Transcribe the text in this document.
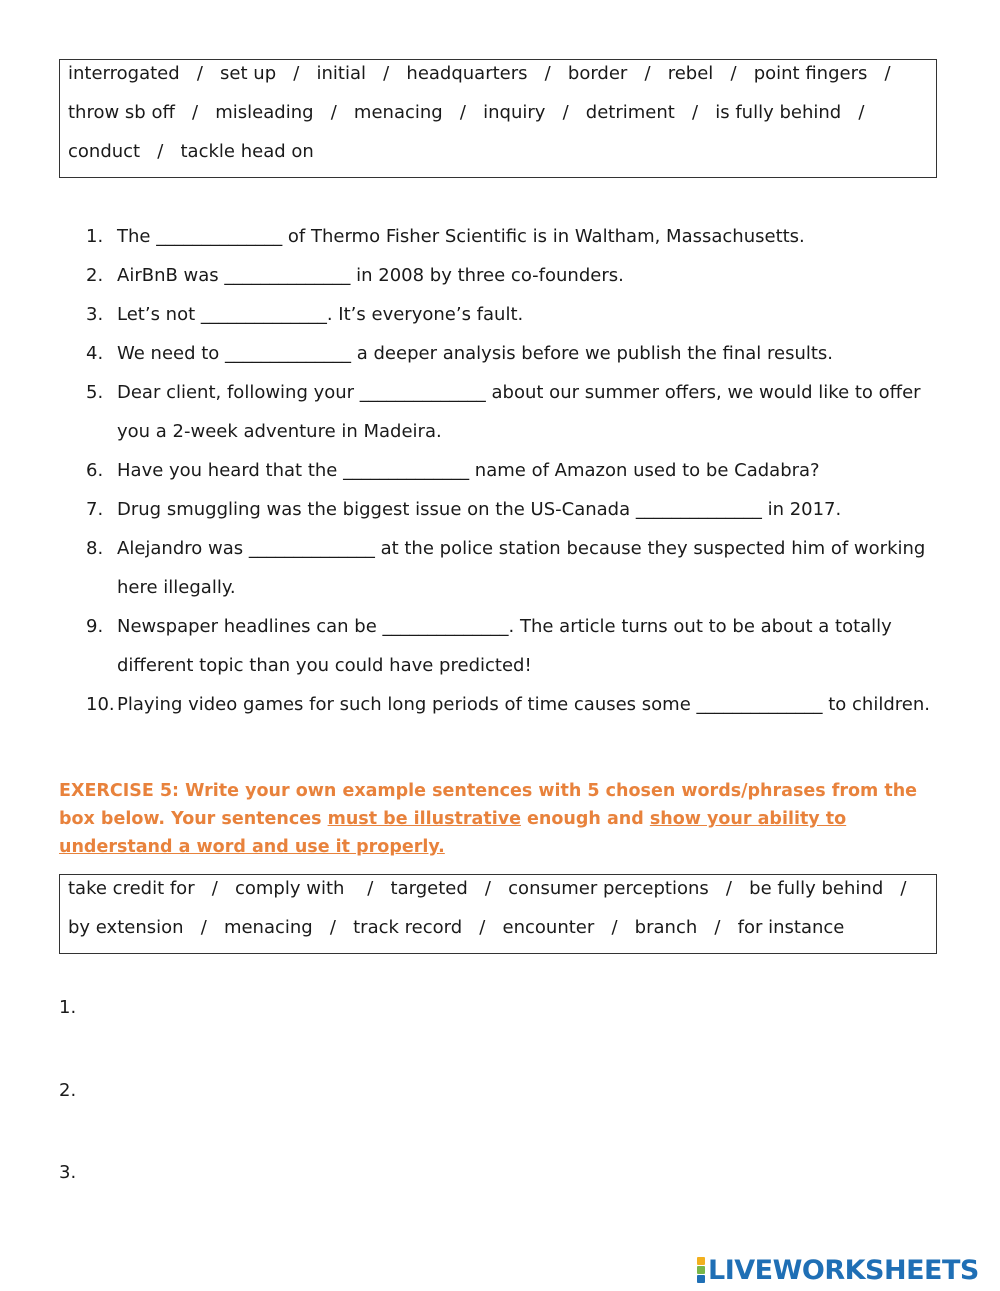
interrogated   /   set up   /   initial   /   headquarters   /   border   /   rebel   /   point fingers   /
throw sb off   /   misleading   /   menacing   /   inquiry   /   detriment   /   is fully behind   /
conduct   /   tackle head on
1. The ______________ of Thermo Fisher Scientific is in Waltham, Massachusetts.
2. AirBnB was ______________ in 2008 by three co-founders.
3. Let’s not ______________. It’s everyone’s fault.
4. We need to ______________ a deeper analysis before we publish the final results.
5. Dear client, following your ______________ about our summer offers, we would like to offer you a 2-week adventure in Madeira.
6. Have you heard that the ______________ name of Amazon used to be Cadabra?
7. Drug smuggling was the biggest issue on the US-Canada ______________ in 2017.
8. Alejandro was ______________ at the police station because they suspected him of working here illegally.
9. Newspaper headlines can be ______________. The article turns out to be about a totally different topic than you could have predicted!
10. Playing video games for such long periods of time causes some ______________ to children.
EXERCISE 5: Write your own example sentences with 5 chosen words/phrases from the box below. Your sentences must be illustrative enough and show your ability to understand a word and use it properly.
take credit for   /   comply with    /   targeted   /   consumer perceptions   /   be fully behind   /
by extension   /   menacing   /   track record   /   encounter   /   branch   /   for instance
1.
2.
3.
LIVEWORKSHEETS
